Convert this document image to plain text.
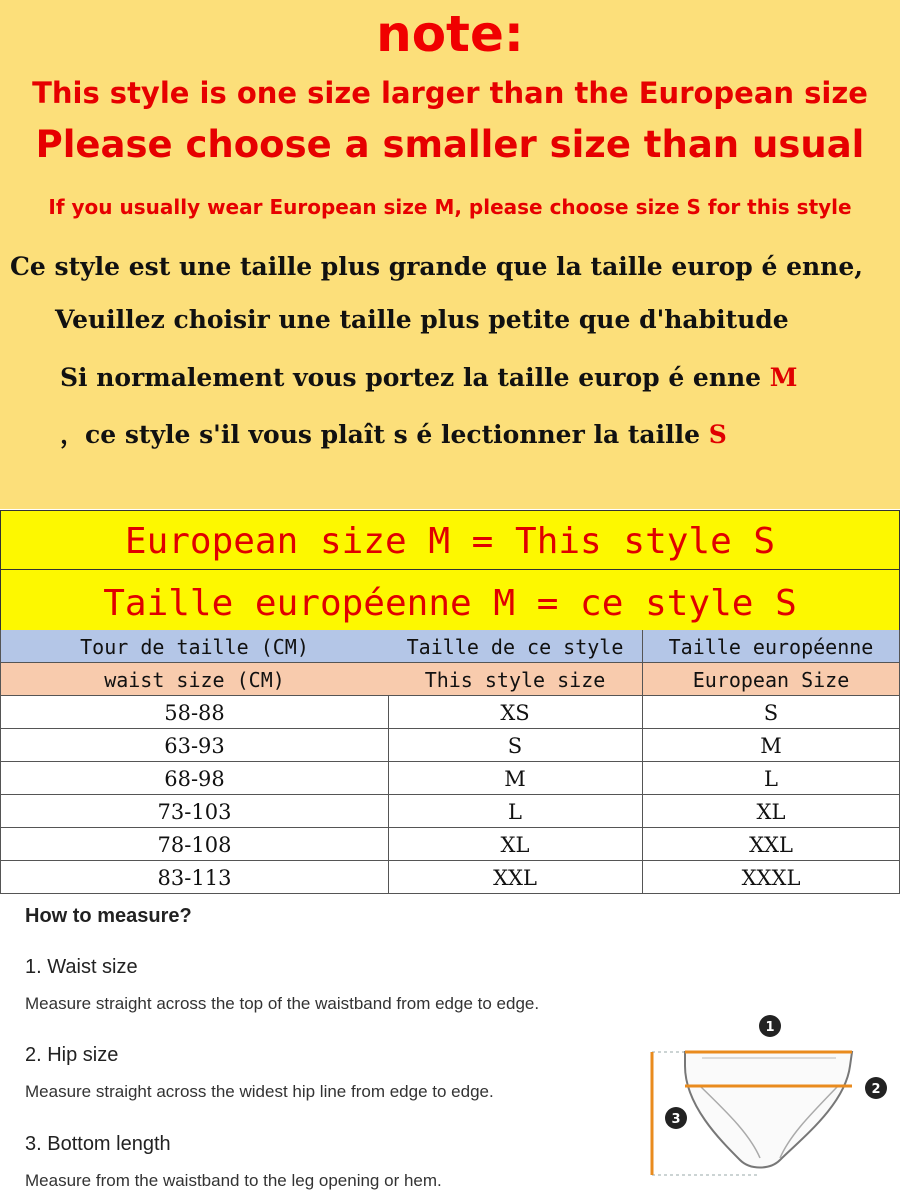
note:
This style is one size larger than the European size
Please choose a smaller size than usual
If you usually wear European size M, please choose size S for this style
Ce style est une taille plus grande que la taille europ é enne,
Veuillez choisir une taille plus petite que d'habitude
Si normalement vous portez la taille europ é enne M
，ce style s'il vous plaît s é lectionner la taille S
European size M = This style S
Taille européenne M = ce style S
Tour de taille (CM)	Taille de ce style	Taille européenne
waist size (CM)	This style size	European Size
58-88	XS	S
63-93	S	M
68-98	M	L
73-103	L	XL
78-108	XL	XXL
83-113	XXL	XXXL
How to measure?
1. Waist size
Measure straight across the top of the waistband from edge to edge.
2. Hip size
Measure straight across the widest hip line from edge to edge.
3. Bottom length
Measure from the waistband to the leg opening or hem.
1
2
3
